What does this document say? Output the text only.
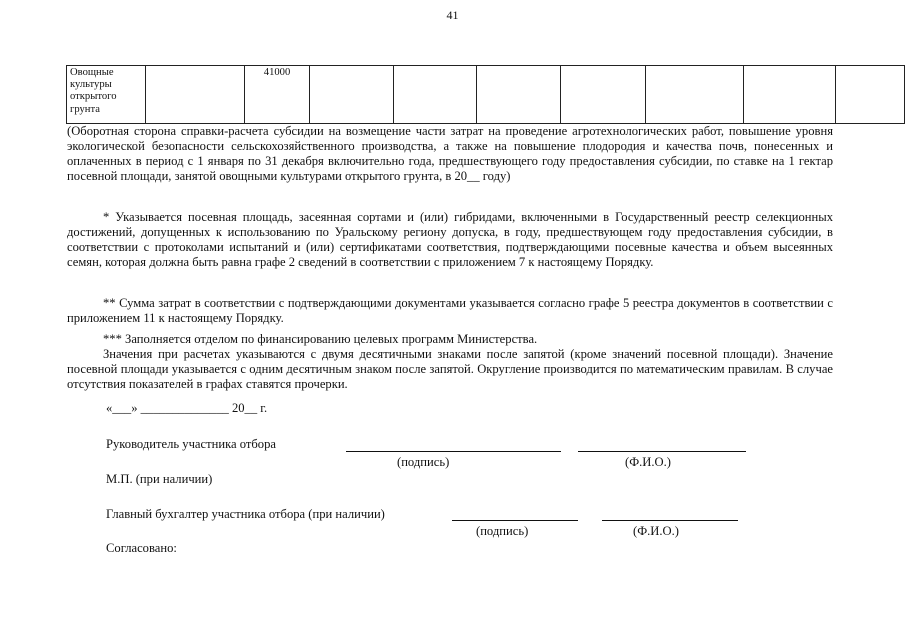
41
Овощные культуры открытого грунта		41000							
(Оборотная сторона справки-расчета субсидии на возмещение части затрат на проведение агротехнологических работ, повышение уровня экологической безопасности сельскохозяйственного производства, а также на повышение плодородия и качества почв, понесенных и оплаченных в период с 1 января по 31 декабря включительно года, предшествующего году предоставления субсидии, по ставке на 1 гектар посевной площади, занятой овощными культурами открытого грунта, в 20__ году)
* Указывается посевная площадь, засеянная сортами и (или) гибридами, включенными в Государственный реестр селекционных достижений, допущенных к использованию по Уральскому региону допуска, в году, предшествующем году предоставления субсидии, в соответствии с протоколами испытаний и (или) сертификатами соответствия, подтверждающими посевные качества и объем высеянных семян, которая должна быть равна графе 2 сведений в соответствии с приложением 7 к настоящему Порядку.
** Сумма затрат в соответствии с подтверждающими документами указывается согласно графе 5 реестра документов в соответствии с приложением 11 к настоящему Порядку.
*** Заполняется отделом по финансированию целевых программ Министерства.
Значения при расчетах указываются с двумя десятичными знаками после запятой (кроме значений посевной площади). Значение посевной площади указывается с одним десятичным знаком после запятой. Округление производится по математическим правилам. В случае отсутствия показателей в графах ставятся прочерки.
«___» ______________ 20__ г.
Руководитель участника отбора
(подпись)	(Ф.И.О.)
М.П. (при наличии)
Главный бухгалтер участника отбора (при наличии)
(подпись)	(Ф.И.О.)
Согласовано:
